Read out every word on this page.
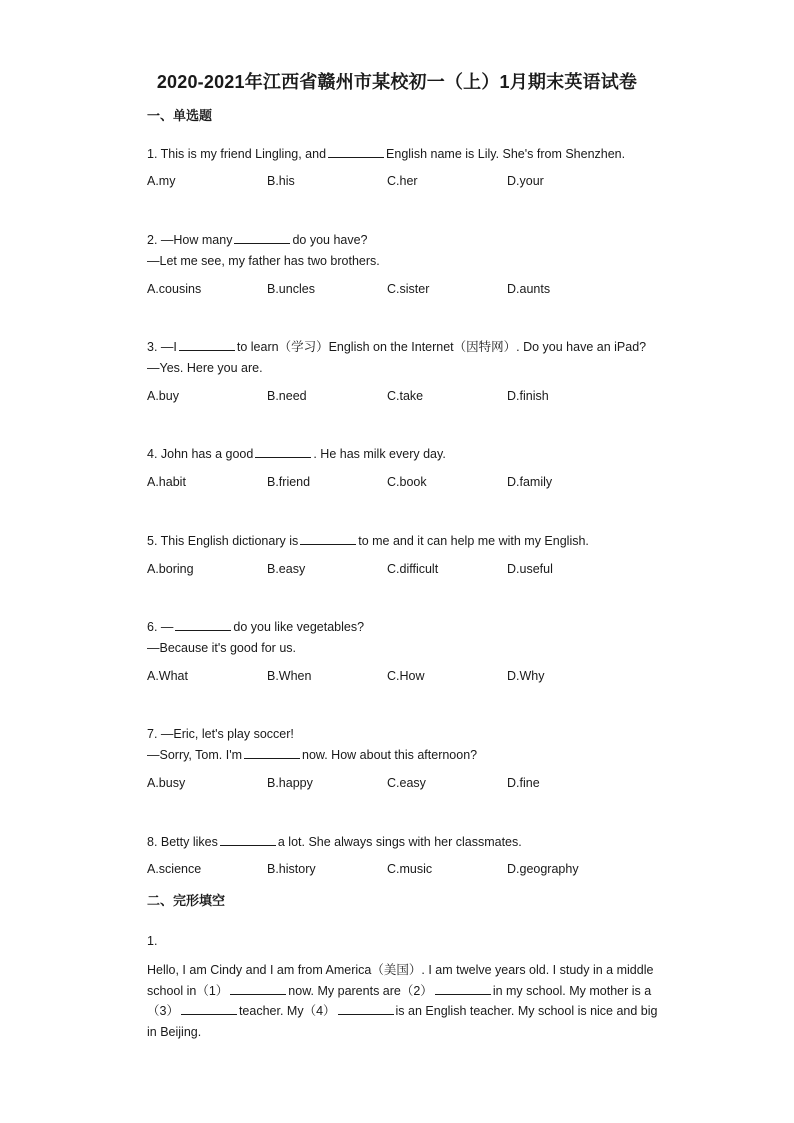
2020-2021年江西省赣州市某校初一（上）1月期末英语试卷
一、单选题
1. This is my friend Lingling, and	English name is Lily. She's from Shenzhen.
A.my	B.his	C.her	D.your
2. —How many	do you have?
—Let me see, my father has two brothers.
A.cousins	B.uncles	C.sister	D.aunts
3. —I	to learn（学习）English on the Internet（因特网）. Do you have an iPad?
—Yes. Here you are.
A.buy	B.need	C.take	D.finish
4. John has a good	. He has milk every day.
A.habit	B.friend	C.book	D.family
5. This English dictionary is	to me and it can help me with my English.
A.boring	B.easy	C.difficult	D.useful
6. —	do you like vegetables?
—Because it's good for us.
A.What	B.When	C.How	D.Why
7. —Eric, let's play soccer!
—Sorry, Tom. I'm	now. How about this afternoon?
A.busy	B.happy	C.easy	D.fine
8. Betty likes	a lot. She always sings with her classmates.
A.science	B.history	C.music	D.geography
二、完形填空
1.
Hello, I am Cindy and I am from America（美国）. I am twelve years old. I study in a middle
school in（1）	now. My parents are（2）	in my school. My mother is a
（3）	teacher. My（4）	is an English teacher. My school is nice and big
in Beijing.
